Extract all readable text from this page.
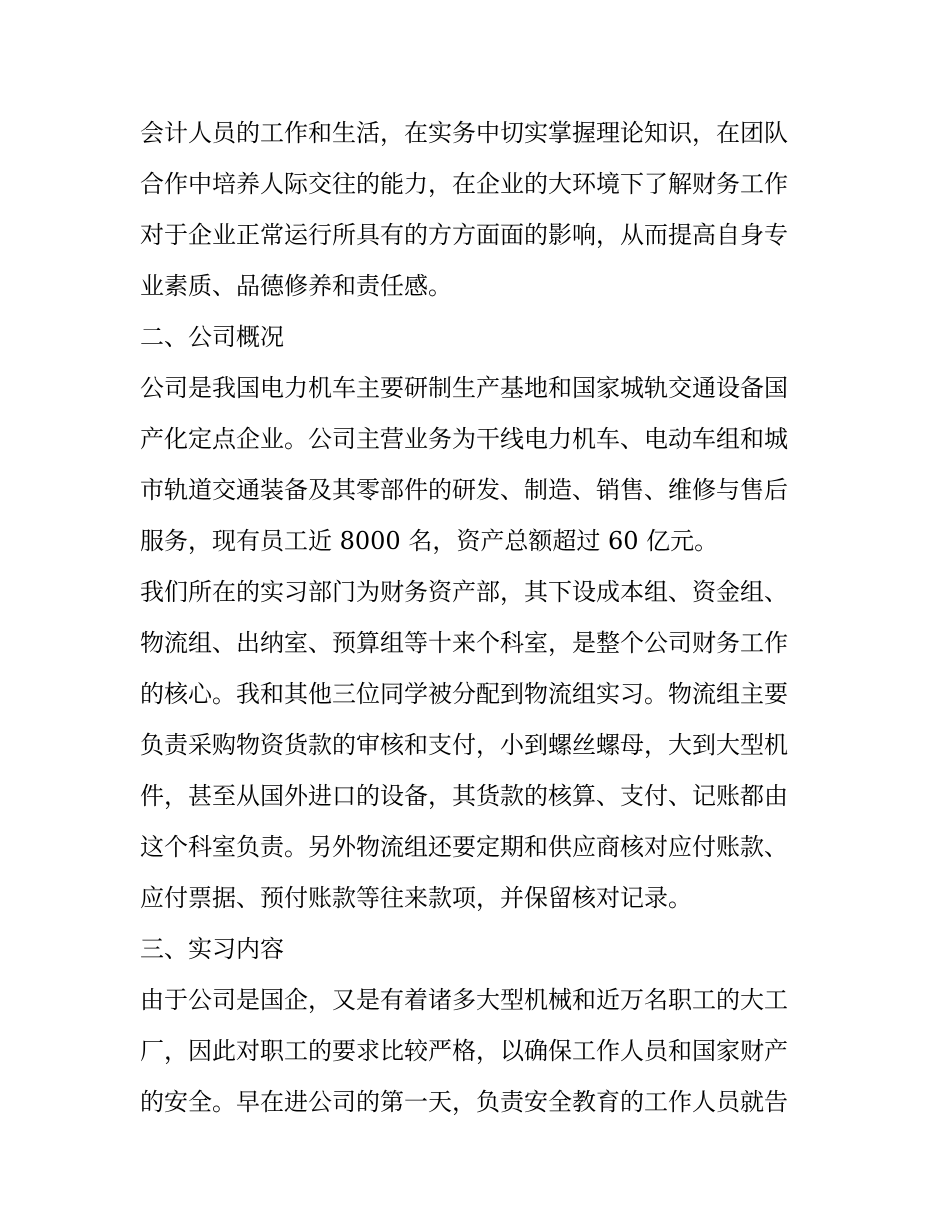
会计人员的工作和生活，在实务中切实掌握理论知识，在团队
合作中培养人际交往的能力，在企业的大环境下了解财务工作
对于企业正常运行所具有的方方面面的影响，从而提高自身专
业素质、品德修养和责任感。
二、公司概况
公司是我国电力机车主要研制生产基地和国家城轨交通设备国
产化定点企业。公司主营业务为干线电力机车、电动车组和城
市轨道交通装备及其零部件的研发、制造、销售、维修与售后
服务，现有员工近 8000 名，资产总额超过 60 亿元。
我们所在的实习部门为财务资产部，其下设成本组、资金组、
物流组、出纳室、预算组等十来个科室，是整个公司财务工作
的核心。我和其他三位同学被分配到物流组实习。物流组主要
负责采购物资货款的审核和支付，小到螺丝螺母，大到大型机
件，甚至从国外进口的设备，其货款的核算、支付、记账都由
这个科室负责。另外物流组还要定期和供应商核对应付账款、
应付票据、预付账款等往来款项，并保留核对记录。
三、实习内容
由于公司是国企，又是有着诸多大型机械和近万名职工的大工
厂，因此对职工的要求比较严格，以确保工作人员和国家财产
的安全。早在进公司的第一天，负责安全教育的工作人员就告
